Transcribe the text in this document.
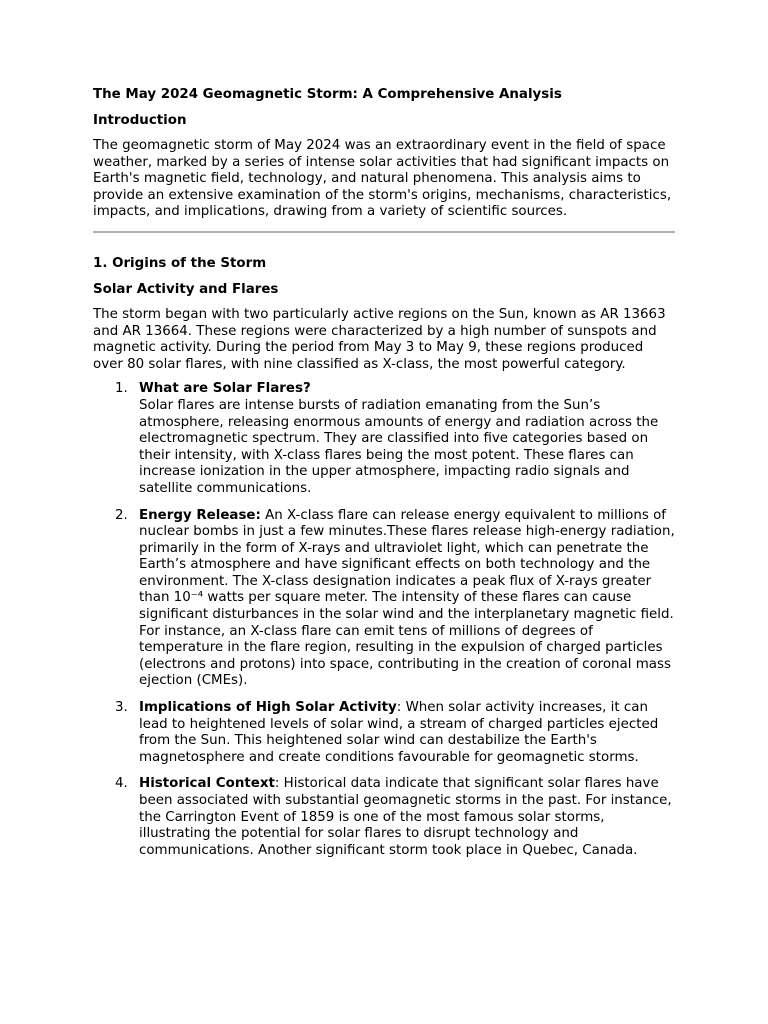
The May 2024 Geomagnetic Storm: A Comprehensive Analysis
Introduction
The geomagnetic storm of May 2024 was an extraordinary event in the field of space weather, marked by a series of intense solar activities that had significant impacts on Earth's magnetic field, technology, and natural phenomena. This analysis aims to provide an extensive examination of the storm's origins, mechanisms, characteristics, impacts, and implications, drawing from a variety of scientific sources.
1. Origins of the Storm
Solar Activity and Flares
The storm began with two particularly active regions on the Sun, known as AR 13663 and AR 13664. These regions were characterized by a high number of sunspots and magnetic activity. During the period from May 3 to May 9, these regions produced over 80 solar flares, with nine classified as X-class, the most powerful category.
1. What are Solar Flares?
Solar flares are intense bursts of radiation emanating from the Sun’s atmosphere, releasing enormous amounts of energy and radiation across the electromagnetic spectrum. They are classified into five categories based on their intensity, with X-class flares being the most potent. These flares can increase ionization in the upper atmosphere, impacting radio signals and satellite communications.
2. Energy Release: An X-class flare can release energy equivalent to millions of nuclear bombs in just a few minutes.These flares release high-energy radiation, primarily in the form of X-rays and ultraviolet light, which can penetrate the Earth’s atmosphere and have significant effects on both technology and the environment. The X-class designation indicates a peak flux of X-rays greater than 10⁻⁴ watts per square meter. The intensity of these flares can cause significant disturbances in the solar wind and the interplanetary magnetic field. For instance, an X-class flare can emit tens of millions of degrees of temperature in the flare region, resulting in the expulsion of charged particles (electrons and protons) into space, contributing in the creation of coronal mass ejection (CMEs).
3. Implications of High Solar Activity: When solar activity increases, it can lead to heightened levels of solar wind, a stream of charged particles ejected from the Sun. This heightened solar wind can destabilize the Earth's magnetosphere and create conditions favourable for geomagnetic storms.
4. Historical Context: Historical data indicate that significant solar flares have been associated with substantial geomagnetic storms in the past. For instance, the Carrington Event of 1859 is one of the most famous solar storms, illustrating the potential for solar flares to disrupt technology and communications. Another significant storm took place in Quebec, Canada.
